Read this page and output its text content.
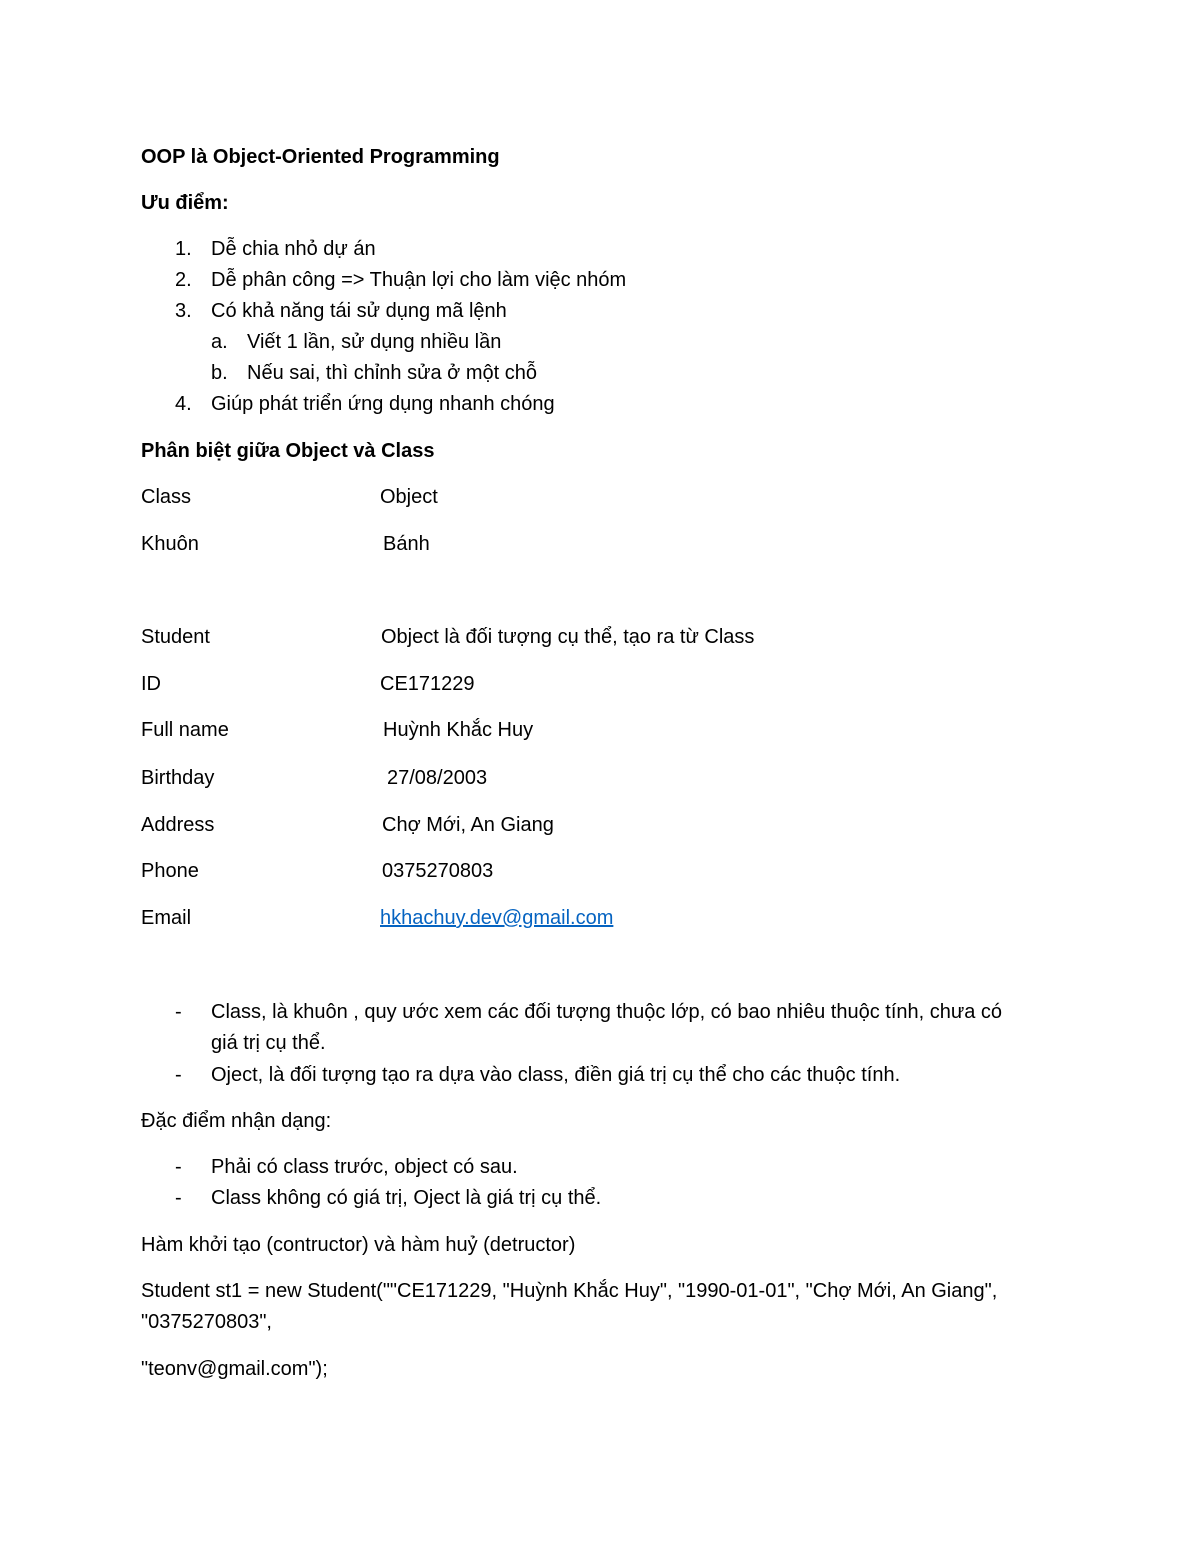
OOP là Object-Oriented Programming
Ưu điểm:
1. Dễ chia nhỏ dự án
2. Dễ phân công => Thuận lợi cho làm việc nhóm
3. Có khả năng tái sử dụng mã lệnh
a. Viết 1 lần, sử dụng nhiều lần
b. Nếu sai, thì chỉnh sửa ở một chỗ
4. Giúp phát triển ứng dụng nhanh chóng
Phân biệt giữa Object và Class
Class	Object
Khuôn	Bánh
Student	Object là đối tượng cụ thể, tạo ra từ Class
ID	CE171229
Full name	Huỳnh Khắc Huy
Birthday	27/08/2003
Address	Chợ Mới, An Giang
Phone	0375270803
Email	hkhachuy.dev@gmail.com
- Class, là khuôn , quy ước xem các đối tượng thuộc lớp, có bao nhiêu thuộc tính, chưa có
giá trị cụ thể.
- Oject, là đối tượng tạo ra dựa vào class, điền giá trị cụ thể cho các thuộc tính.
Đặc điểm nhận dạng:
- Phải có class trước, object có sau.
- Class không có giá trị, Oject là giá trị cụ thể.
Hàm khởi tạo (contructor) và hàm huỷ (detructor)
Student st1 = new Student(""CE171229, "Huỳnh Khắc Huy", "1990-01-01", "Chợ Mới, An Giang",
"0375270803",
"teonv@gmail.com");
